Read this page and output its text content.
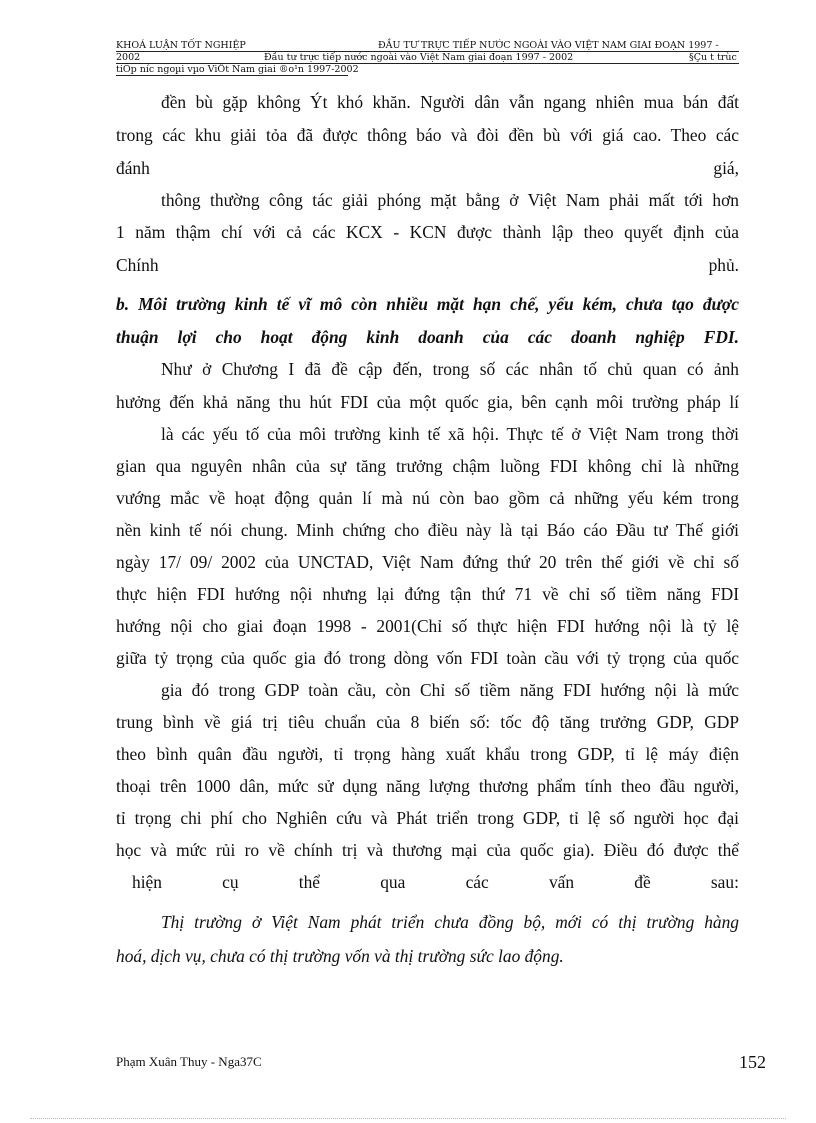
KHOÁ LUẬN TỐT NGHIỆP	ĐẦU TƯ TRỰC TIẾP NƯỚC NGOÀI VÀO VIỆT NAM GIAI ĐOẠN 1997 -
2002	Đầu tư trực tiếp nước ngoài vào Việt Nam giai đoạn 1997 - 2002	§Çu t trùc
tiÕp níc ngoµi vµo ViÖt Nam giai ®o¹n 1997-2002
đền bù gặp không Ýt khó khăn. Người dân vẫn ngang nhiên mua bán đất
trong các khu giải tỏa đã được thông báo và đòi đền bù với giá cao. Theo các
đánh	giá,
thông thường công tác giải phóng mặt bằng ở Việt Nam phải mất tới hơn
1 năm thậm chí với cả các KCX - KCN được thành lập theo quyết định của
Chính	phủ.
b. Môi trường kinh tế vĩ mô còn nhiều mặt hạn chế, yếu kém, chưa tạo được
thuận lợi cho hoạt động kinh doanh của các doanh nghiệp FDI.
Như ở Chương I đã đề cập đến, trong số các nhân tố chủ quan có ảnh
hưởng đến khả năng thu hút FDI của một quốc gia, bên cạnh môi trường pháp lí
là các yếu tố của môi trường kinh tế xã hội. Thực tế ở Việt Nam trong thời
gian qua nguyên nhân của sự tăng trưởng chậm luồng FDI không chỉ là những
vướng mắc về hoạt động quản lí mà nú còn bao gồm cả những yếu kém trong
nền kinh tế nói chung. Minh chứng cho điều này là tại Báo cáo Đầu tư Thế giới
ngày 17/ 09/ 2002 của UNCTAD, Việt Nam đứng thứ 20 trên thế giới về chỉ số
thực hiện FDI hướng nội nhưng lại đứng tận thứ 71 về chỉ số tiềm năng FDI
hướng nội cho giai đoạn 1998 - 2001(Chỉ số thực hiện FDI hướng nội là tỷ lệ
giữa tỷ trọng của quốc gia đó trong dòng vốn FDI toàn cầu với tỷ trọng của quốc
gia đó trong GDP toàn cầu, còn Chỉ số tiềm năng FDI hướng nội là mức
trung bình về giá trị tiêu chuẩn của 8 biến số: tốc độ tăng trưởng GDP, GDP
theo bình quân đầu người, tỉ trọng hàng xuất khẩu trong GDP, tỉ lệ máy điện
thoại trên 1000 dân, mức sử dụng năng lượng thương phẩm tính theo đầu người,
tỉ trọng chi phí cho Nghiên cứu và Phát triển trong GDP, tỉ lệ số người học đại
học và mức rủi ro về chính trị và thương mại của quốc gia). Điều đó được thể
hiện	cụ	thể	qua	các	vấn	đề	sau:
Thị trường ở Việt Nam phát triển chưa đồng bộ, mới có thị trường hàng
hoá, dịch vụ, chưa có thị trường vốn và thị trường sức lao động.
Phạm Xuân Thuy - Nga37C	152
